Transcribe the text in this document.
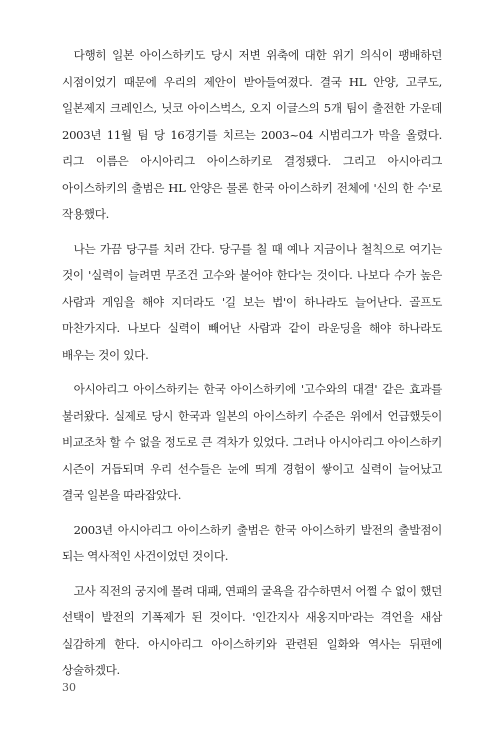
다행히 일본 아이스하키도 당시 저변 위축에 대한 위기 의식이 팽배하던 시점이었기 때문에 우리의 제안이 받아들여졌다. 결국 HL 안양, 고쿠도, 일본제지 크레인스, 닛코 아이스벅스, 오지 이글스의 5개 팀이 출전한 가운데 2003년 11월 팀 당 16경기를 치르는 2003~04 시범리그가 막을 올렸다. 리그 이름은 아시아리그 아이스하키로 결정됐다. 그리고 아시아리그 아이스하키의 출범은 HL 안양은 물론 한국 아이스하키 전체에 '신의 한 수'로 작용했다.

나는 가끔 당구를 치러 간다. 당구를 칠 때 예나 지금이나 철칙으로 여기는 것이 '실력이 늘려면 무조건 고수와 붙어야 한다'는 것이다. 나보다 수가 높은 사람과 게임을 해야 지더라도 '길 보는 법'이 하나라도 늘어난다. 골프도 마찬가지다. 나보다 실력이 빼어난 사람과 같이 라운딩을 해야 하나라도 배우는 것이 있다.

아시아리그 아이스하키는 한국 아이스하키에 '고수와의 대결' 같은 효과를 불러왔다. 실제로 당시 한국과 일본의 아이스하키 수준은 위에서 언급했듯이 비교조차 할 수 없을 정도로 큰 격차가 있었다. 그러나 아시아리그 아이스하키 시즌이 거듭되며 우리 선수들은 눈에 띄게 경험이 쌓이고 실력이 늘어났고 결국 일본을 따라잡았다.

2003년 아시아리그 아이스하키 출범은 한국 아이스하키 발전의 출발점이 되는 역사적인 사건이었던 것이다.

고사 직전의 궁지에 몰려 대패, 연패의 굴욕을 감수하면서 어쩔 수 없이 했던 선택이 발전의 기폭제가 된 것이다. '인간지사 새옹지마'라는 격언을 새삼 실감하게 한다. 아시아리그 아이스하키와 관련된 일화와 역사는 뒤편에 상술하겠다.

30
